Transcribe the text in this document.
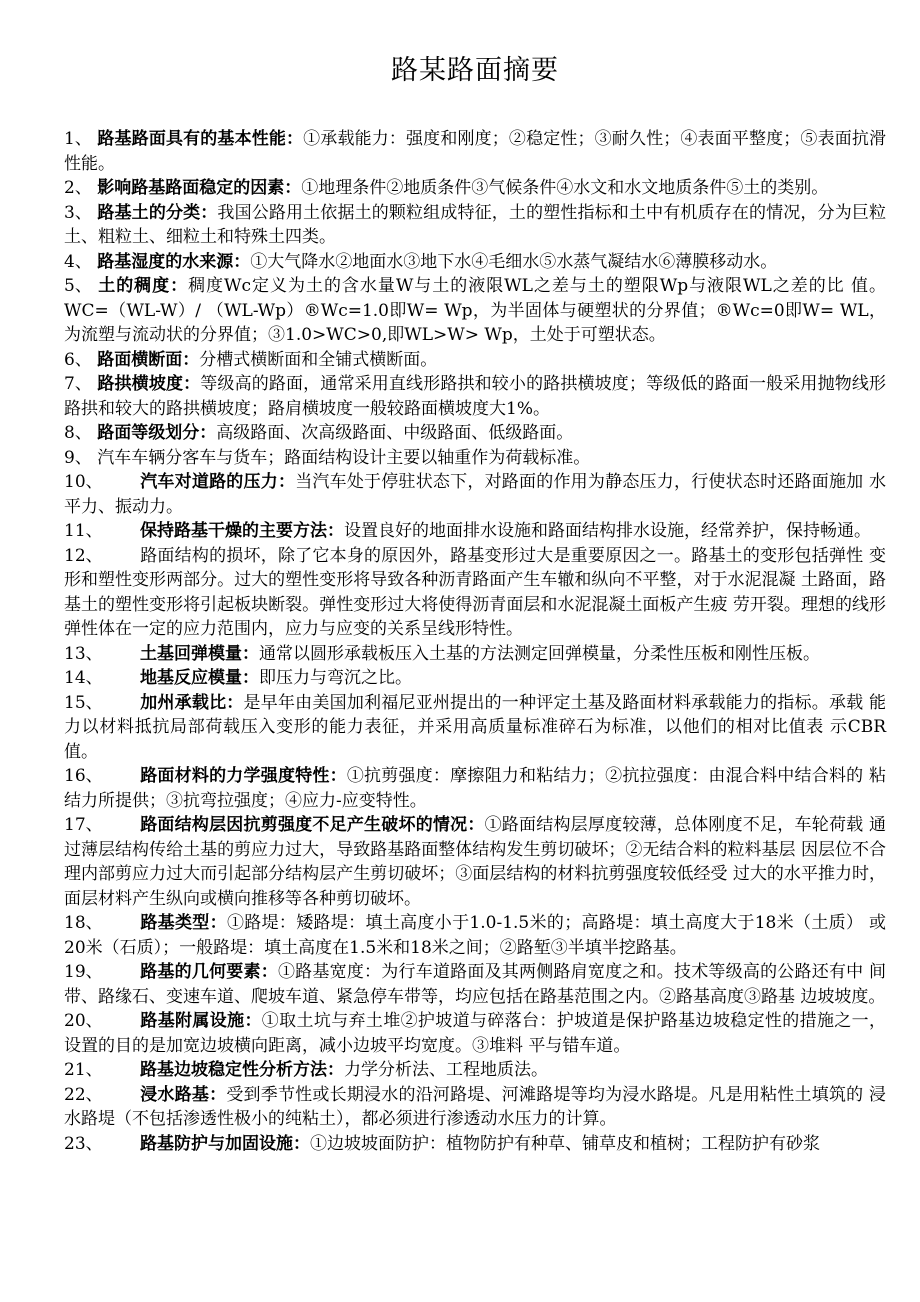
路某路面摘要

1、 路基路面具有的基本性能：①承载能力：强度和刚度；②稳定性；③耐久性；④表面平整度；⑤表面抗滑性能。

2、 影响路基路面稳定的因素：①地理条件②地质条件③气候条件④水文和水文地质条件⑤土的类别。

3、 路基土的分类：我国公路用土依据土的颗粒组成特征，土的塑性指标和土中有机质存在的情况，分为巨粒土、粗粒土、细粒土和特殊土四类。

4、 路基湿度的水来源：①大气降水②地面水③地下水④毛细水⑤水蒸气凝结水⑥薄膜移动水。

5、 土的稠度：稠度Wc定义为土的含水量W与土的液限WL之差与土的塑限Wp与液限WL之差的比 值。WC=（WL-W）/ （WL-Wp）®Wc=1.0即W= Wp，为半固体与硬塑状的分界值；®Wc=0即W= WL， 为流塑与流动状的分界值；③1.0>WC>0,即WL>W> Wp，土处于可塑状态。

6、 路面横断面：分槽式横断面和全铺式横断面。

7、 路拱横坡度：等级高的路面，通常采用直线形路拱和较小的路拱横坡度；等级低的路面一般采用抛物线形路拱和较大的路拱横坡度；路肩横坡度一般较路面横坡度大1%。

8、 路面等级划分：高级路面、次高级路面、中级路面、低级路面。

9、 汽车车辆分客车与货车；路面结构设计主要以轴重作为荷载标准。

10、 汽车对道路的压力：当汽车处于停驻状态下，对路面的作用为静态压力，行使状态时还路面施加 水平力、振动力。

11、 保持路基干燥的主要方法：设置良好的地面排水设施和路面结构排水设施，经常养护，保持畅通。

12、 路面结构的损坏，除了它本身的原因外，路基变形过大是重要原因之一。路基土的变形包括弹性 变形和塑性变形两部分。过大的塑性变形将导致各种沥青路面产生车辙和纵向不平整，对于水泥混凝 土路面，路基土的塑性变形将引起板块断裂。弹性变形过大将使得沥青面层和水泥混凝土面板产生疲 劳开裂。理想的线形弹性体在一定的应力范围内，应力与应变的关系呈线形特性。

13、 土基回弹模量：通常以圆形承载板压入土基的方法测定回弹模量，分柔性压板和刚性压板。

14、 地基反应模量：即压力与弯沉之比。

15、 加州承载比：是早年由美国加利福尼亚州提出的一种评定土基及路面材料承载能力的指标。承载 能力以材料抵抗局部荷载压入变形的能力表征，并采用高质量标准碎石为标准，以他们的相对比值表 示CBR值。

16、 路面材料的力学强度特性：①抗剪强度：摩擦阻力和粘结力；②抗拉强度：由混合料中结合料的 粘结力所提供；③抗弯拉强度；④应力-应变特性。

17、 路面结构层因抗剪强度不足产生破坏的情况：①路面结构层厚度较薄，总体刚度不足，车轮荷载 通过薄层结构传给土基的剪应力过大，导致路基路面整体结构发生剪切破坏；②无结合料的粒料基层 因层位不合理内部剪应力过大而引起部分结构层产生剪切破坏；③面层结构的材料抗剪强度较低经受 过大的水平推力时，面层材料产生纵向或横向推移等各种剪切破坏。

18、 路基类型：①路堤：矮路堤：填土高度小于1.0-1.5米的；高路堤：填土高度大于18米（土质） 或20米（石质）；一般路堤：填土高度在1.5米和18米之间；②路堑③半填半挖路基。

19、 路基的几何要素：①路基宽度：为行车道路面及其两侧路肩宽度之和。技术等级高的公路还有中 间带、路缘石、变速车道、爬坡车道、紧急停车带等，均应包括在路基范围之内。②路基高度③路基 边坡坡度。

20、 路基附属设施：①取土坑与弃土堆②护坡道与碎落台：护坡道是保护路基边坡稳定性的措施之一， 设置的目的是加宽边坡横向距离，减小边坡平均宽度。③堆料 平与错车道。

21、 路基边坡稳定性分析方法：力学分析法、工程地质法。

22、 浸水路基：受到季节性或长期浸水的沿河路堤、河滩路堤等均为浸水路堤。凡是用粘性土填筑的 浸水路堤（不包括渗透性极小的纯粘土），都必须进行渗透动水压力的计算。

23、 路基防护与加固设施：①边坡坡面防护：植物防护有种草、铺草皮和植树；工程防护有砂浆
